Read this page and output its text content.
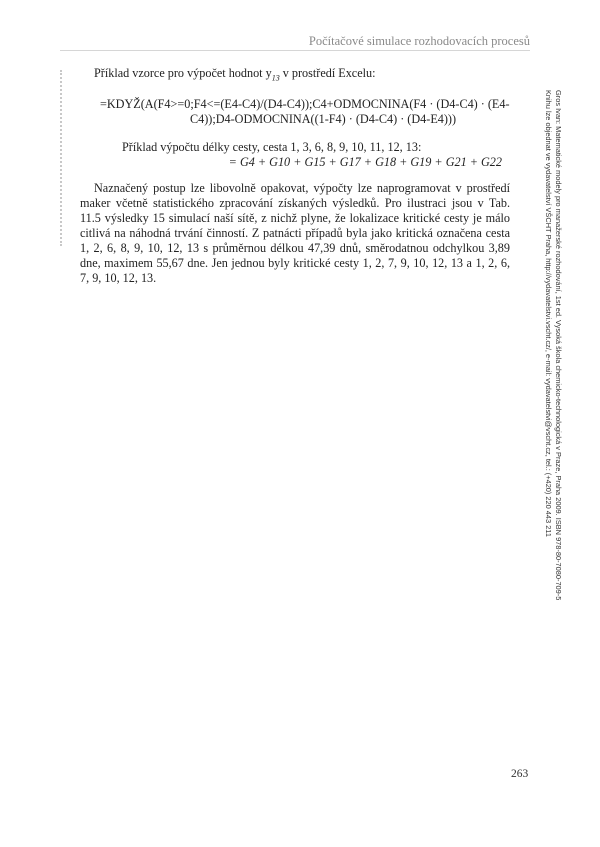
Počítačové simulace rozhodovacích procesů

Příklad vzorce pro výpočet hodnot $y_{13}$ v prostředí Excelu:

=KDYŽ(A(F4>=0;F4<=(E4-C4)/(D4-C4));C4+ODMOCNINA(F4 · (D4-C4) · (E4-
C4));D4-ODMOCNINA((1-F4) · (D4-C4) · (D4-E4)))

Příklad výpočtu délky cesty, cesta 1, 3, 6, 8, 9, 10, 11, 12, 13:

= G4 + G10 + G15 + G17 + G18 + G19 + G21 + G22

Naznačený postup lze libovolně opakovat, výpočty lze naprogramovat v prostředí maker včetně statistického zpracování získaných výsledků. Pro ilustraci jsou v Tab. 11.5 výsledky 15 simulací naší sítě, z nichž plyne, že lokalizace kritické cesty je málo citlivá na náhodná trvání činností. Z patnácti případů byla jako kritická označena cesta 1, 2, 6, 8, 9, 10, 12, 13 s průměrnou délkou 47,39 dnů, směrodatnou odchylkou 3,89 dne, maximem 55,67 dne. Jen jednou byly kritické cesty 1, 2, 7, 9, 10, 12, 13 a 1, 2, 6, 7, 9, 10, 12, 13.	Gros Ivan: Matematické modely pro manažerské rozhodování, 1st ed. Vysoká škola chemicko-technologická v Praze, Praha 2009. ISBN 978-80-7080-709-5
Knihu lze objednat ve vydavatelství VŠCHT Praha, http://vydavatelstvi.vscht.cz/, e-mail: vydavatelstvi@vscht.cz, tel.: (+420) 220 443 211
263
